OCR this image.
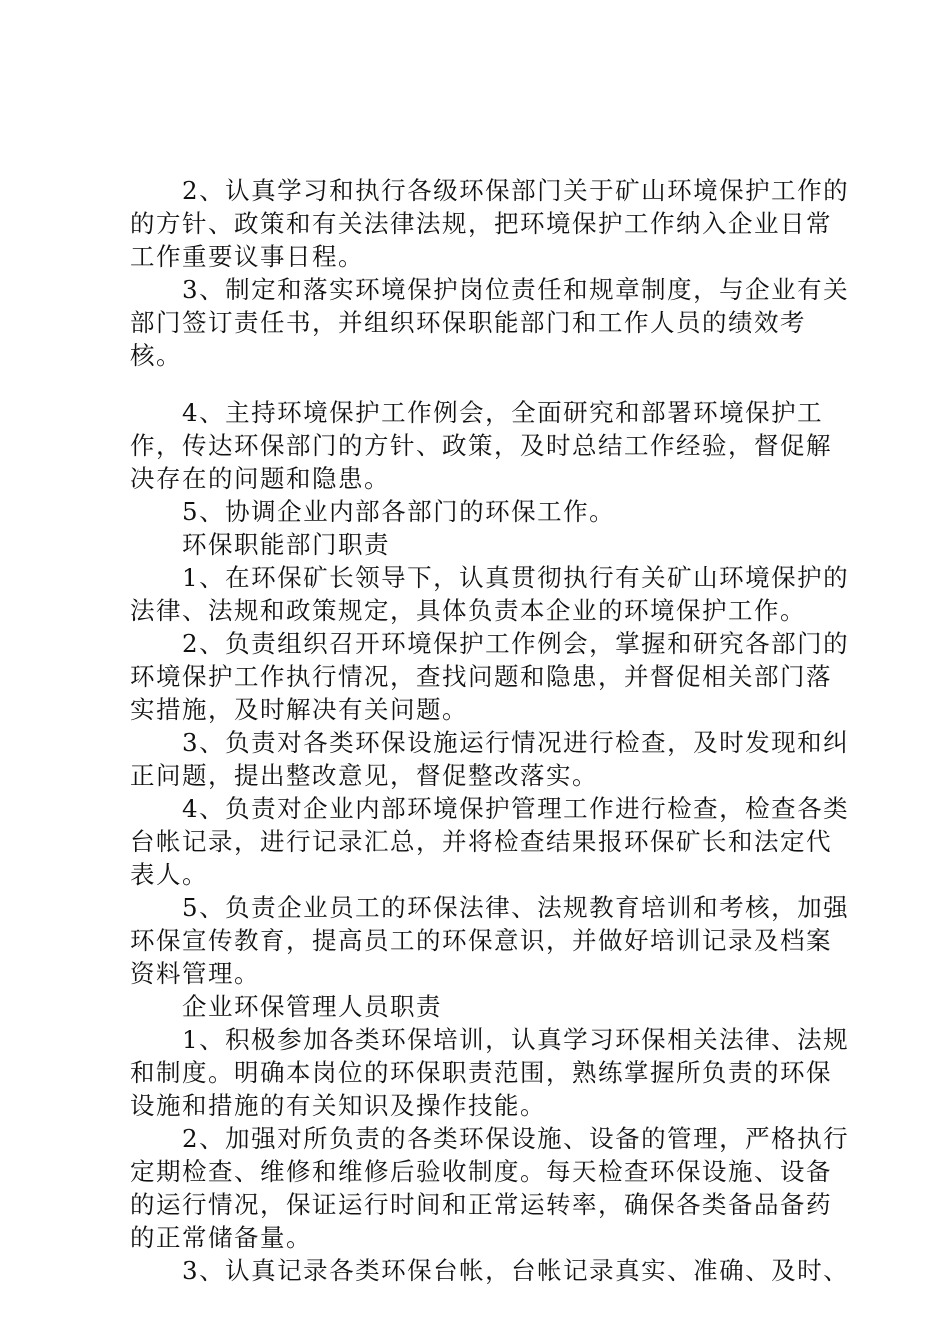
2、认真学习和执行各级环保部门关于矿山环境保护工作的的方针、政策和有关法律法规，把环境保护工作纳入企业日常工作重要议事日程。

3、制定和落实环境保护岗位责任和规章制度，与企业有关部门签订责任书，并组织环保职能部门和工作人员的绩效考核。

4、主持环境保护工作例会，全面研究和部署环境保护工作，传达环保部门的方针、政策，及时总结工作经验，督促解决存在的问题和隐患。

5、协调企业内部各部门的环保工作。

环保职能部门职责

1、在环保矿长领导下，认真贯彻执行有关矿山环境保护的法律、法规和政策规定，具体负责本企业的环境保护工作。

2、负责组织召开环境保护工作例会，掌握和研究各部门的环境保护工作执行情况，查找问题和隐患，并督促相关部门落实措施，及时解决有关问题。

3、负责对各类环保设施运行情况进行检查，及时发现和纠正问题，提出整改意见，督促整改落实。

4、负责对企业内部环境保护管理工作进行检查，检查各类台帐记录，进行记录汇总，并将检查结果报环保矿长和法定代表人。

5、负责企业员工的环保法律、法规教育培训和考核，加强环保宣传教育，提高员工的环保意识，并做好培训记录及档案资料管理。

企业环保管理人员职责

1、积极参加各类环保培训，认真学习环保相关法律、法规和制度。明确本岗位的环保职责范围，熟练掌握所负责的环保设施和措施的有关知识及操作技能。

2、加强对所负责的各类环保设施、设备的管理，严格执行定期检查、维修和维修后验收制度。每天检查环保设施、设备的运行情况，保证运行时间和正常运转率，确保各类备品备药的正常储备量。

3、认真记录各类环保台帐，台帐记录真实、准确、及时、
